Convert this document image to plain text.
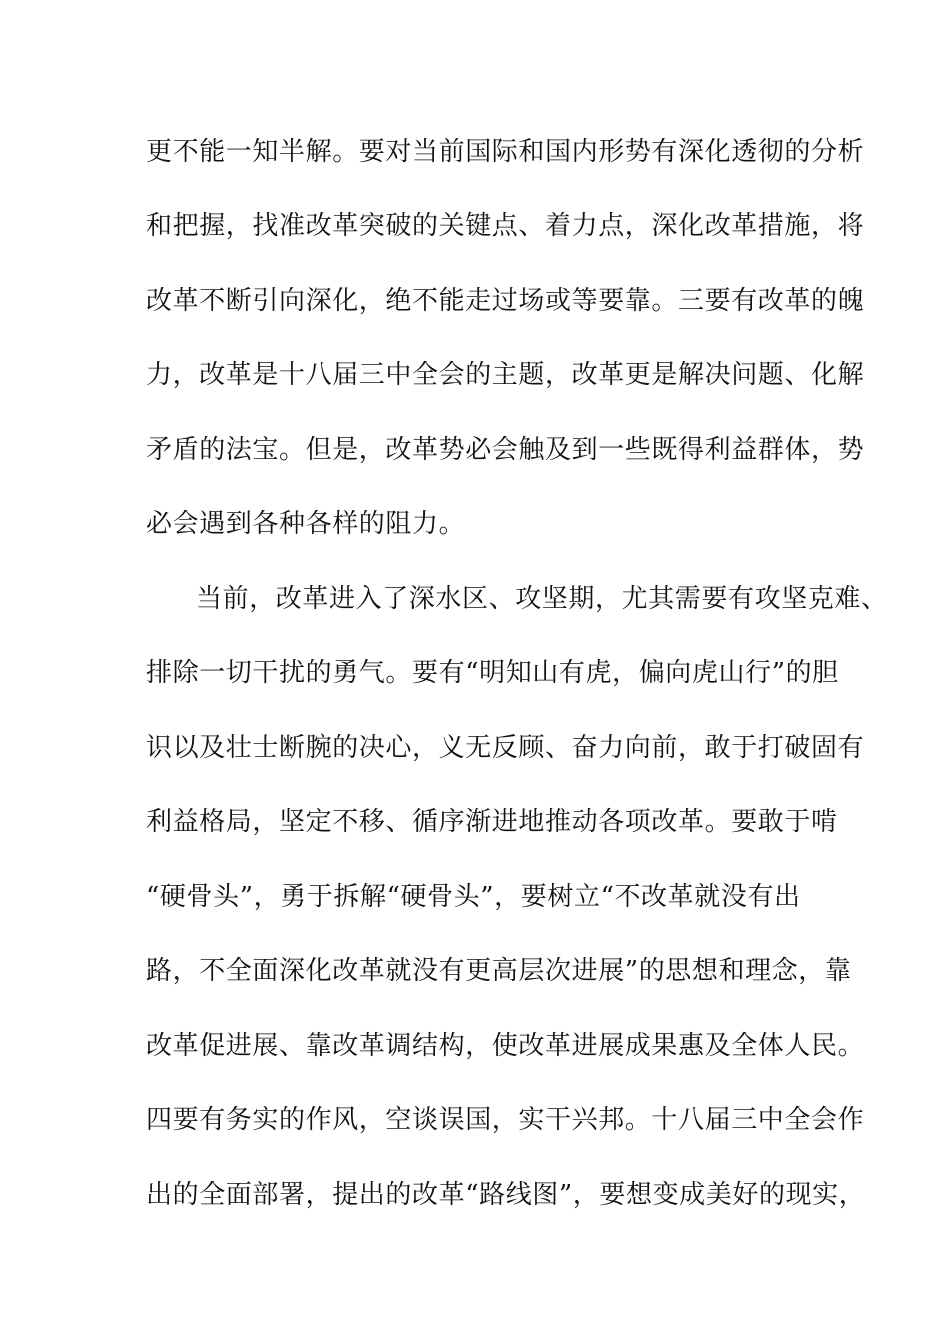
更不能一知半解。要对当前国际和国内形势有深化透彻的分析
和把握，找准改革突破的关键点、着力点，深化改革措施，将
改革不断引向深化，绝不能走过场或等要靠。三要有改革的魄
力，改革是十八届三中全会的主题，改革更是解决问题、化解
矛盾的法宝。但是，改革势必会触及到一些既得利益群体，势
必会遇到各种各样的阻力。
当前，改革进入了深水区、攻坚期，尤其需要有攻坚克难、
排除一切干扰的勇气。要有“明知山有虎，偏向虎山行”的胆
识以及壮士断腕的决心，义无反顾、奋力向前，敢于打破固有
利益格局，坚定不移、循序渐进地推动各项改革。要敢于啃
“硬骨头”，勇于拆解“硬骨头”，要树立“不改革就没有出
路，不全面深化改革就没有更高层次进展”的思想和理念，靠
改革促进展、靠改革调结构，使改革进展成果惠及全体人民。
四要有务实的作风，空谈误国，实干兴邦。十八届三中全会作
出的全面部署，提出的改革“路线图”，要想变成美好的现实，
